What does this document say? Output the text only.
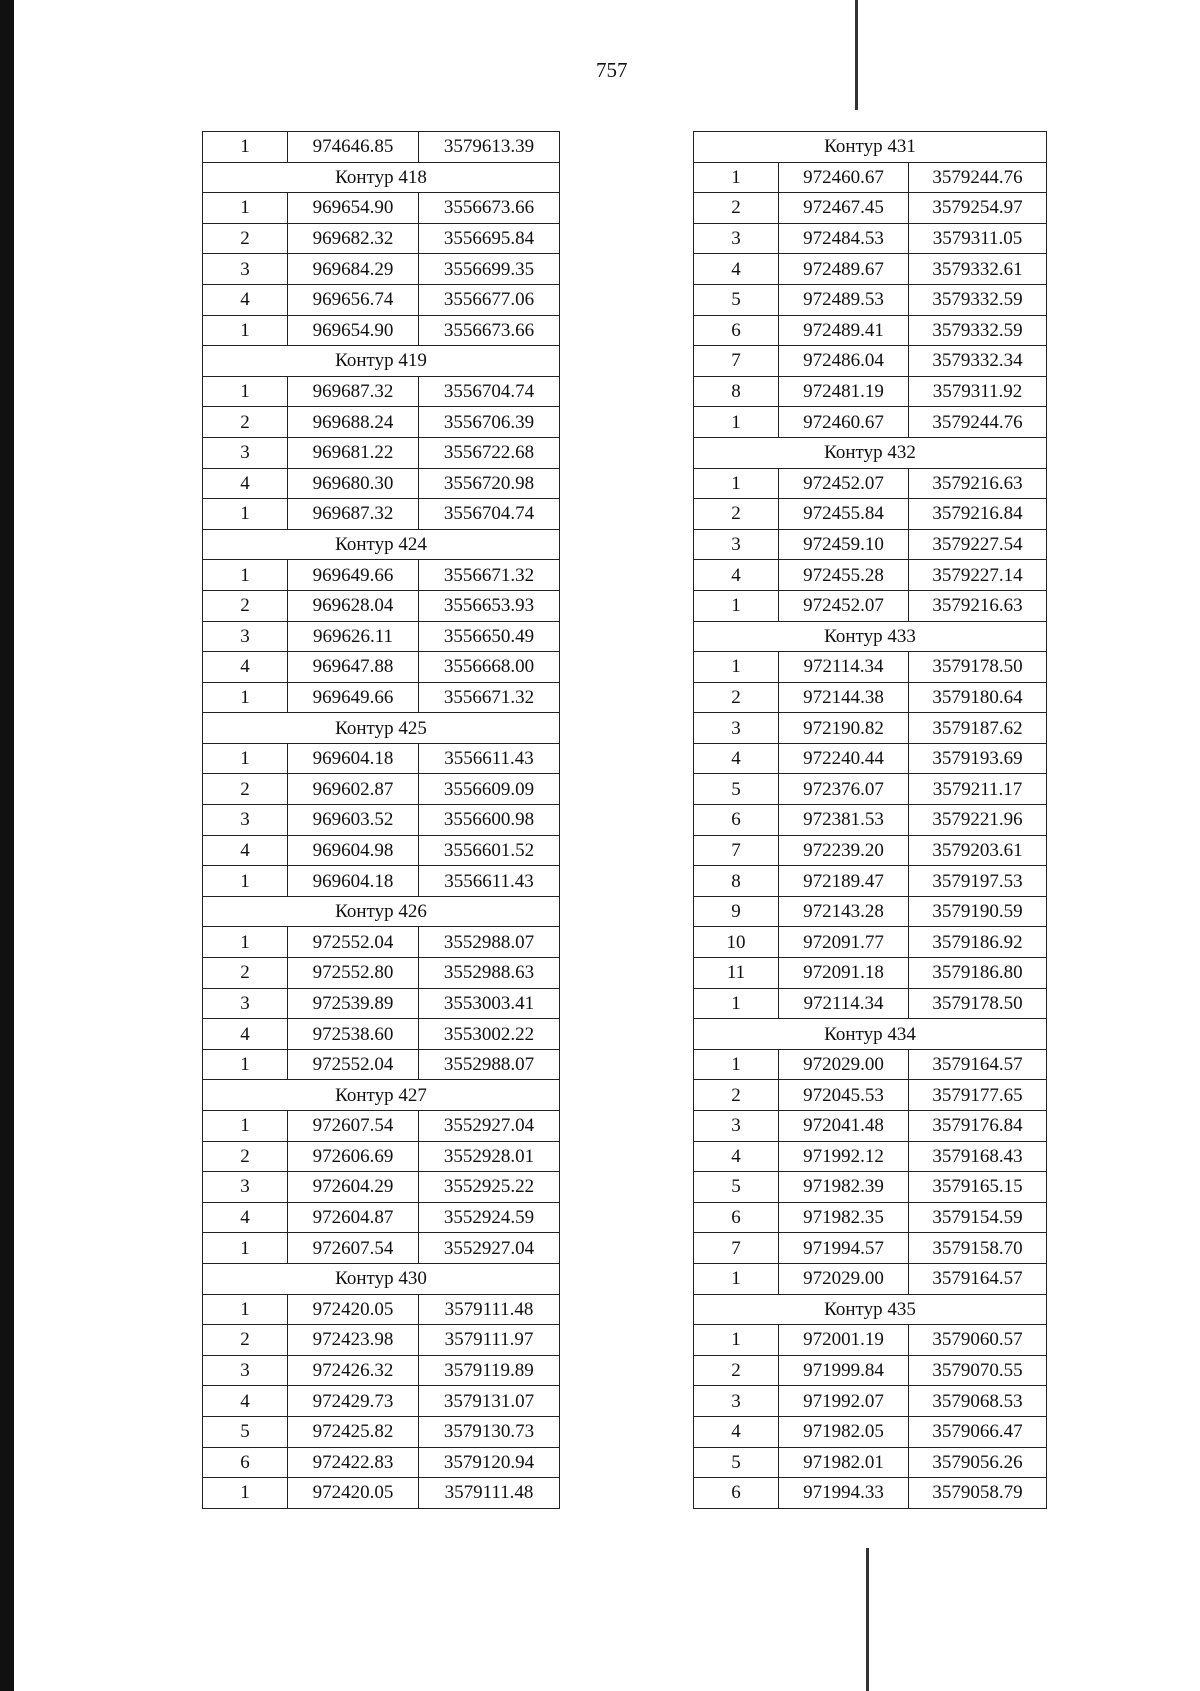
757
1	974646.85	3579613.39
Контур 418		
1	969654.90	3556673.66
2	969682.32	3556695.84
3	969684.29	3556699.35
4	969656.74	3556677.06
1	969654.90	3556673.66
Контур 419		
1	969687.32	3556704.74
2	969688.24	3556706.39
3	969681.22	3556722.68
4	969680.30	3556720.98
1	969687.32	3556704.74
Контур 424		
1	969649.66	3556671.32
2	969628.04	3556653.93
3	969626.11	3556650.49
4	969647.88	3556668.00
1	969649.66	3556671.32
Контур 425		
1	969604.18	3556611.43
2	969602.87	3556609.09
3	969603.52	3556600.98
4	969604.98	3556601.52
1	969604.18	3556611.43
Контур 426		
1	972552.04	3552988.07
2	972552.80	3552988.63
3	972539.89	3553003.41
4	972538.60	3553002.22
1	972552.04	3552988.07
Контур 427		
1	972607.54	3552927.04
2	972606.69	3552928.01
3	972604.29	3552925.22
4	972604.87	3552924.59
1	972607.54	3552927.04
Контур 430		
1	972420.05	3579111.48
2	972423.98	3579111.97
3	972426.32	3579119.89
4	972429.73	3579131.07
5	972425.82	3579130.73
6	972422.83	3579120.94
1	972420.05	3579111.48
Контур 431		
1	972460.67	3579244.76
2	972467.45	3579254.97
3	972484.53	3579311.05
4	972489.67	3579332.61
5	972489.53	3579332.59
6	972489.41	3579332.59
7	972486.04	3579332.34
8	972481.19	3579311.92
1	972460.67	3579244.76
Контур 432		
1	972452.07	3579216.63
2	972455.84	3579216.84
3	972459.10	3579227.54
4	972455.28	3579227.14
1	972452.07	3579216.63
Контур 433		
1	972114.34	3579178.50
2	972144.38	3579180.64
3	972190.82	3579187.62
4	972240.44	3579193.69
5	972376.07	3579211.17
6	972381.53	3579221.96
7	972239.20	3579203.61
8	972189.47	3579197.53
9	972143.28	3579190.59
10	972091.77	3579186.92
11	972091.18	3579186.80
1	972114.34	3579178.50
Контур 434		
1	972029.00	3579164.57
2	972045.53	3579177.65
3	972041.48	3579176.84
4	971992.12	3579168.43
5	971982.39	3579165.15
6	971982.35	3579154.59
7	971994.57	3579158.70
1	972029.00	3579164.57
Контур 435		
1	972001.19	3579060.57
2	971999.84	3579070.55
3	971992.07	3579068.53
4	971982.05	3579066.47
5	971982.01	3579056.26
6	971994.33	3579058.79
